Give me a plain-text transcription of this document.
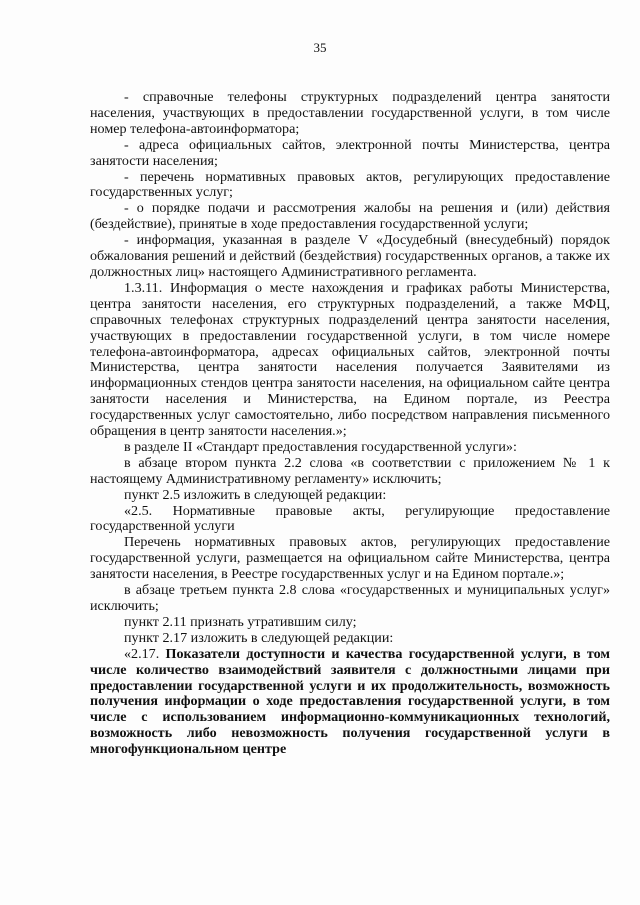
35

- справочные телефоны структурных подразделений центра занятости населения, участвующих в предоставлении государственной услуги, в том числе номер телефона-автоинформатора;

- адреса официальных сайтов, электронной почты Министерства, центра занятости населения;

- перечень нормативных правовых актов, регулирующих предоставление государственных услуг;

- о порядке подачи и рассмотрения жалобы на решения и (или) действия (бездействие), принятые в ходе предоставления государственной услуги;

- информация, указанная в разделе V «Досудебный (внесудебный) порядок обжалования решений и действий (бездействия) государственных органов, а также их должностных лиц» настоящего Административного регламента.

1.3.11. Информация о месте нахождения и графиках работы Министерства, центра занятости населения, его структурных подразделений, а также МФЦ, справочных телефонах структурных подразделений центра занятости населения, участвующих в предоставлении государственной услуги, в том числе номере телефона-автоинформатора, адресах официальных сайтов, электронной почты Министерства, центра занятости населения получается Заявителями из информационных стендов центра занятости населения, на официальном сайте центра занятости населения и Министерства, на Едином портале, из Реестра государственных услуг самостоятельно, либо посредством направления письменного обращения в центр занятости населения.»;

в разделе II «Стандарт предоставления государственной услуги»:

в абзаце втором пункта 2.2 слова «в соответствии с приложением № 1 к настоящему Административному регламенту» исключить;

пункт 2.5 изложить в следующей редакции:

«2.5. Нормативные правовые акты, регулирующие предоставление государственной услуги

Перечень нормативных правовых актов, регулирующих предоставление государственной услуги, размещается на официальном сайте Министерства, центра занятости населения, в Реестре государственных услуг и на Едином портале.»;

в абзаце третьем пункта 2.8 слова «государственных и муниципальных услуг» исключить;

пункт 2.11 признать утратившим силу;

пункт 2.17 изложить в следующей редакции:

«2.17. Показатели доступности и качества государственной услуги, в том числе количество взаимодействий заявителя с должностными лицами при предоставлении государственной услуги и их продолжительность, возможность получения информации о ходе предоставления государственной услуги, в том числе с использованием информационно-коммуникационных технологий, возможность либо невозможность получения государственной услуги в многофункциональном центре
